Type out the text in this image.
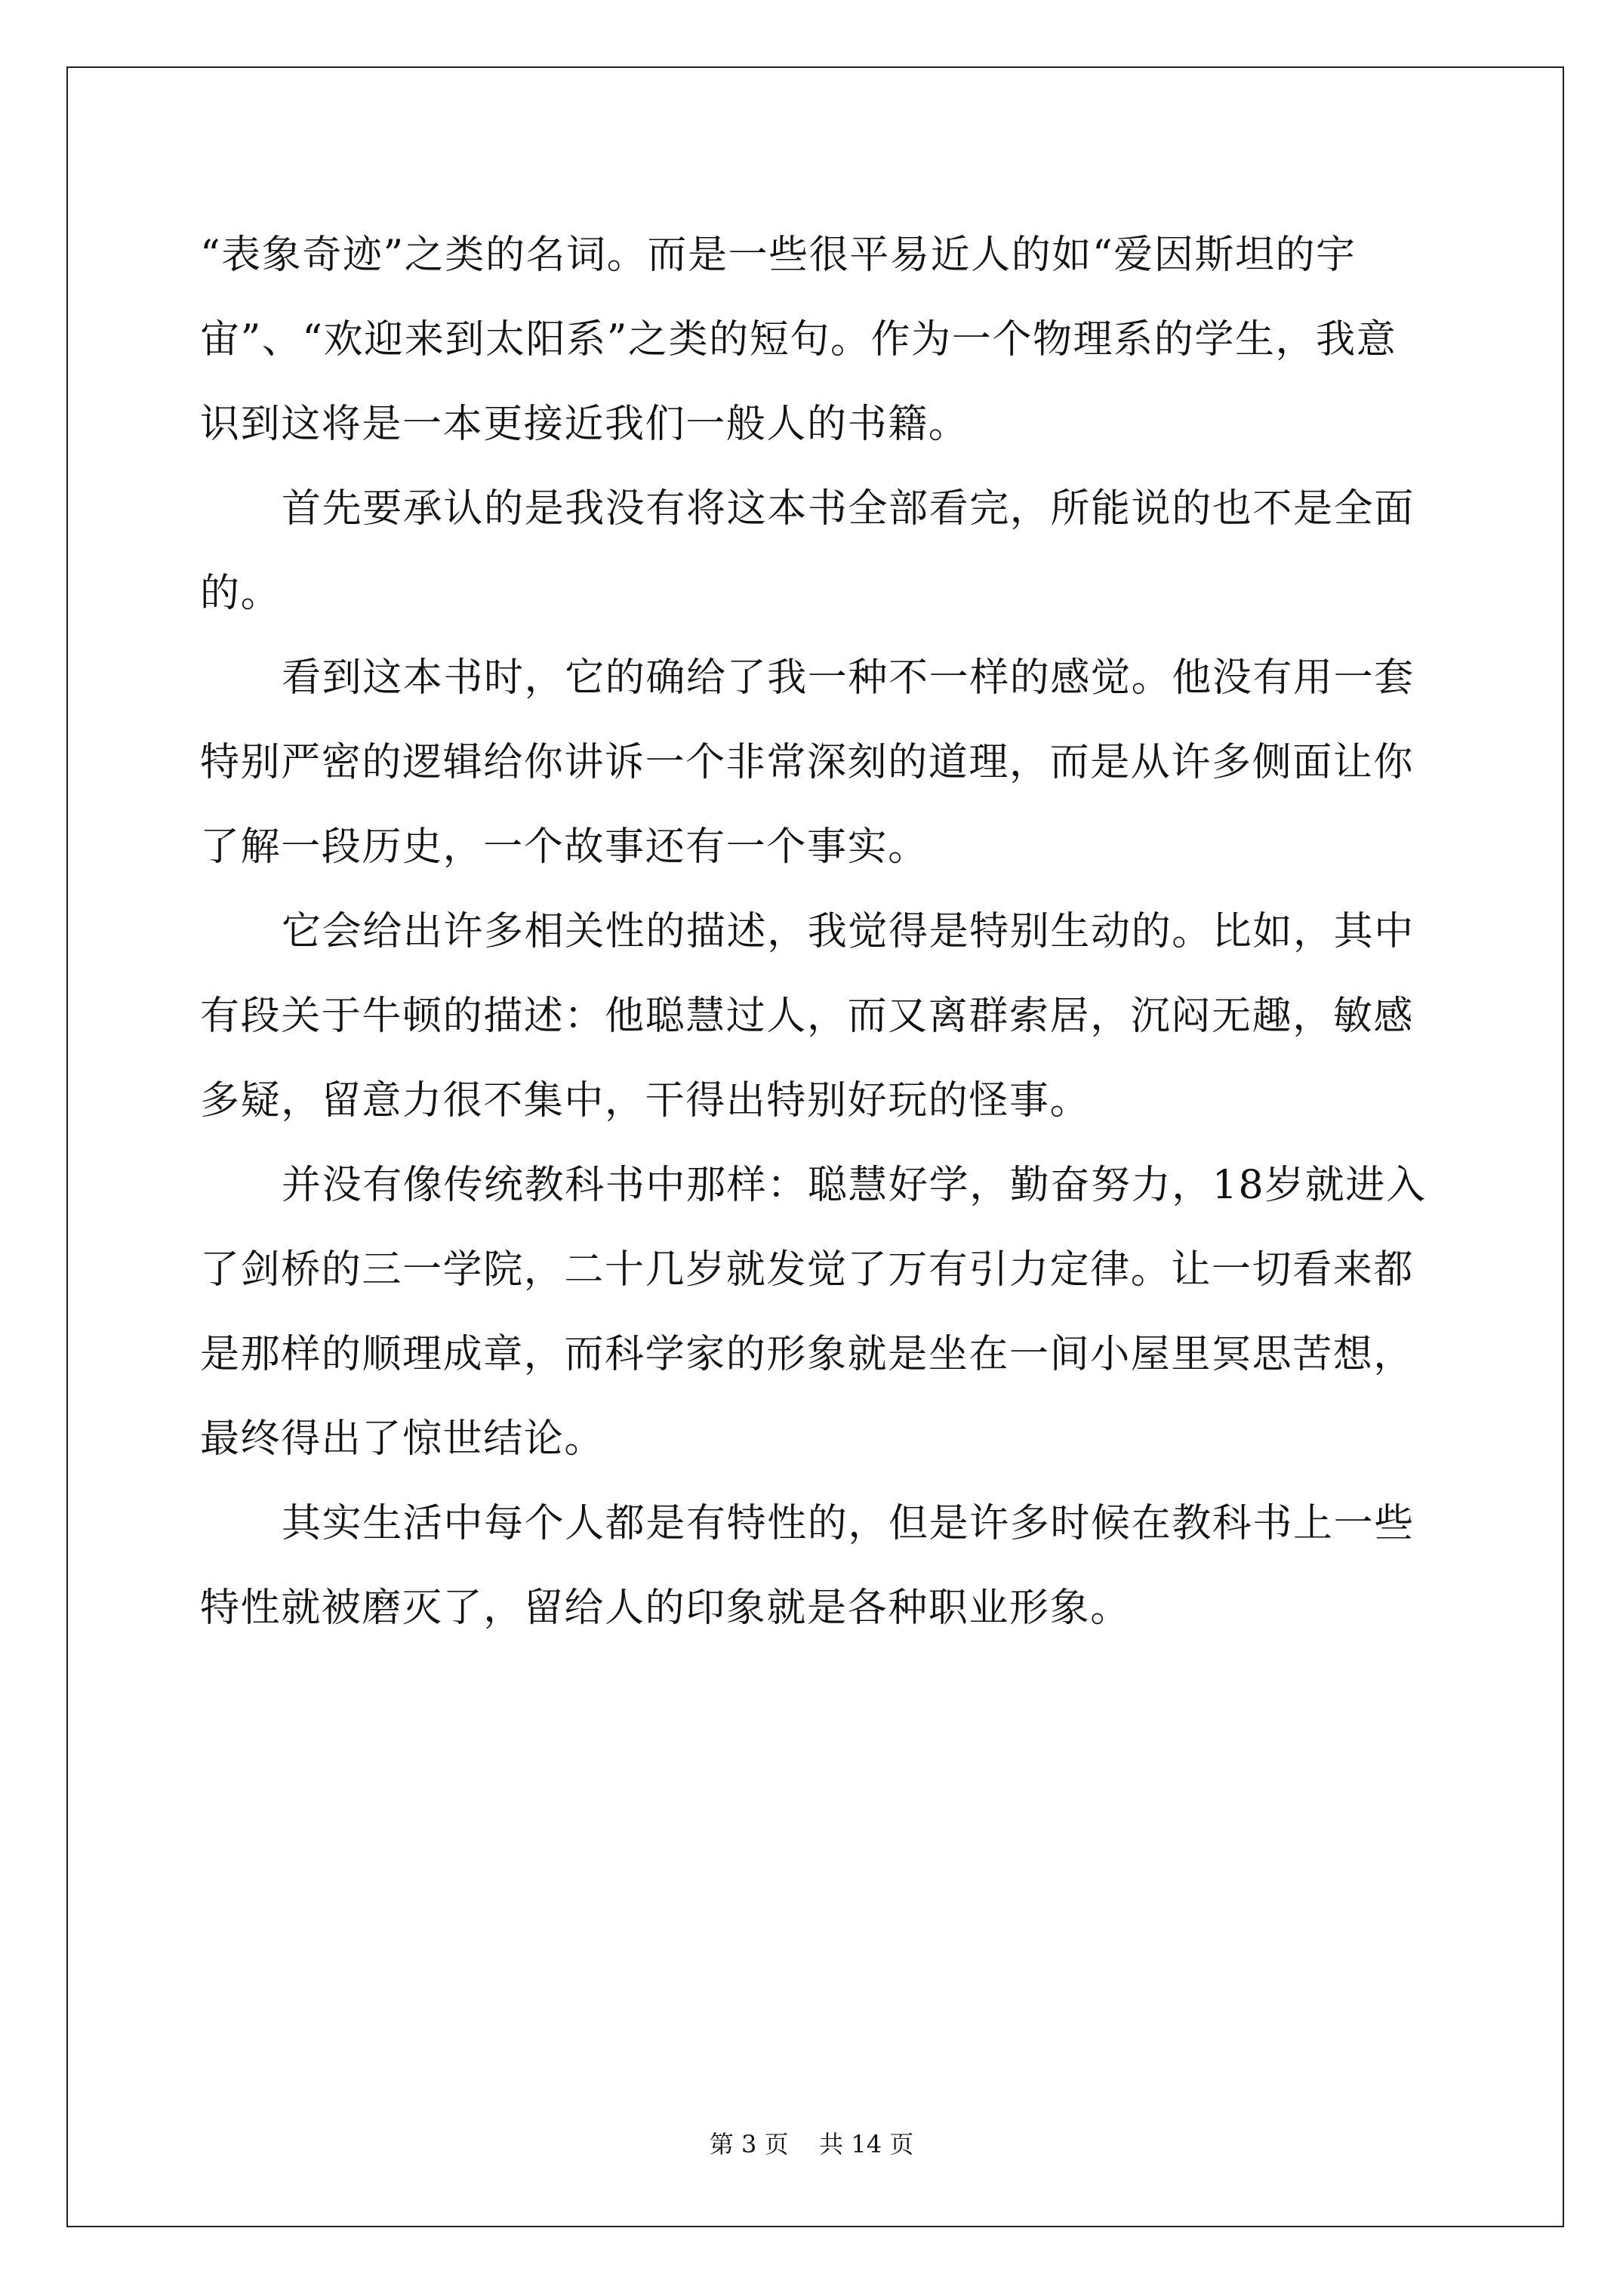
“表象奇迹”之类的名词。而是一些很平易近人的如“爱因斯坦的宇
宙”、“欢迎来到太阳系”之类的短句。作为一个物理系的学生，我意
识到这将是一本更接近我们一般人的书籍。
首先要承认的是我没有将这本书全部看完，所能说的也不是全面
的。
看到这本书时，它的确给了我一种不一样的感觉。他没有用一套
特别严密的逻辑给你讲诉一个非常深刻的道理，而是从许多侧面让你
了解一段历史，一个故事还有一个事实。
它会给出许多相关性的描述，我觉得是特别生动的。比如，其中
有段关于牛顿的描述：他聪慧过人，而又离群索居，沉闷无趣，敏感
多疑，留意力很不集中，干得出特别好玩的怪事。
并没有像传统教科书中那样：聪慧好学，勤奋努力，18岁就进入
了剑桥的三一学院，二十几岁就发觉了万有引力定律。让一切看来都
是那样的顺理成章，而科学家的形象就是坐在一间小屋里冥思苦想，
最终得出了惊世结论。
其实生活中每个人都是有特性的，但是许多时候在教科书上一些
特性就被磨灭了，留给人的印象就是各种职业形象。
第 3 页    共 14 页
